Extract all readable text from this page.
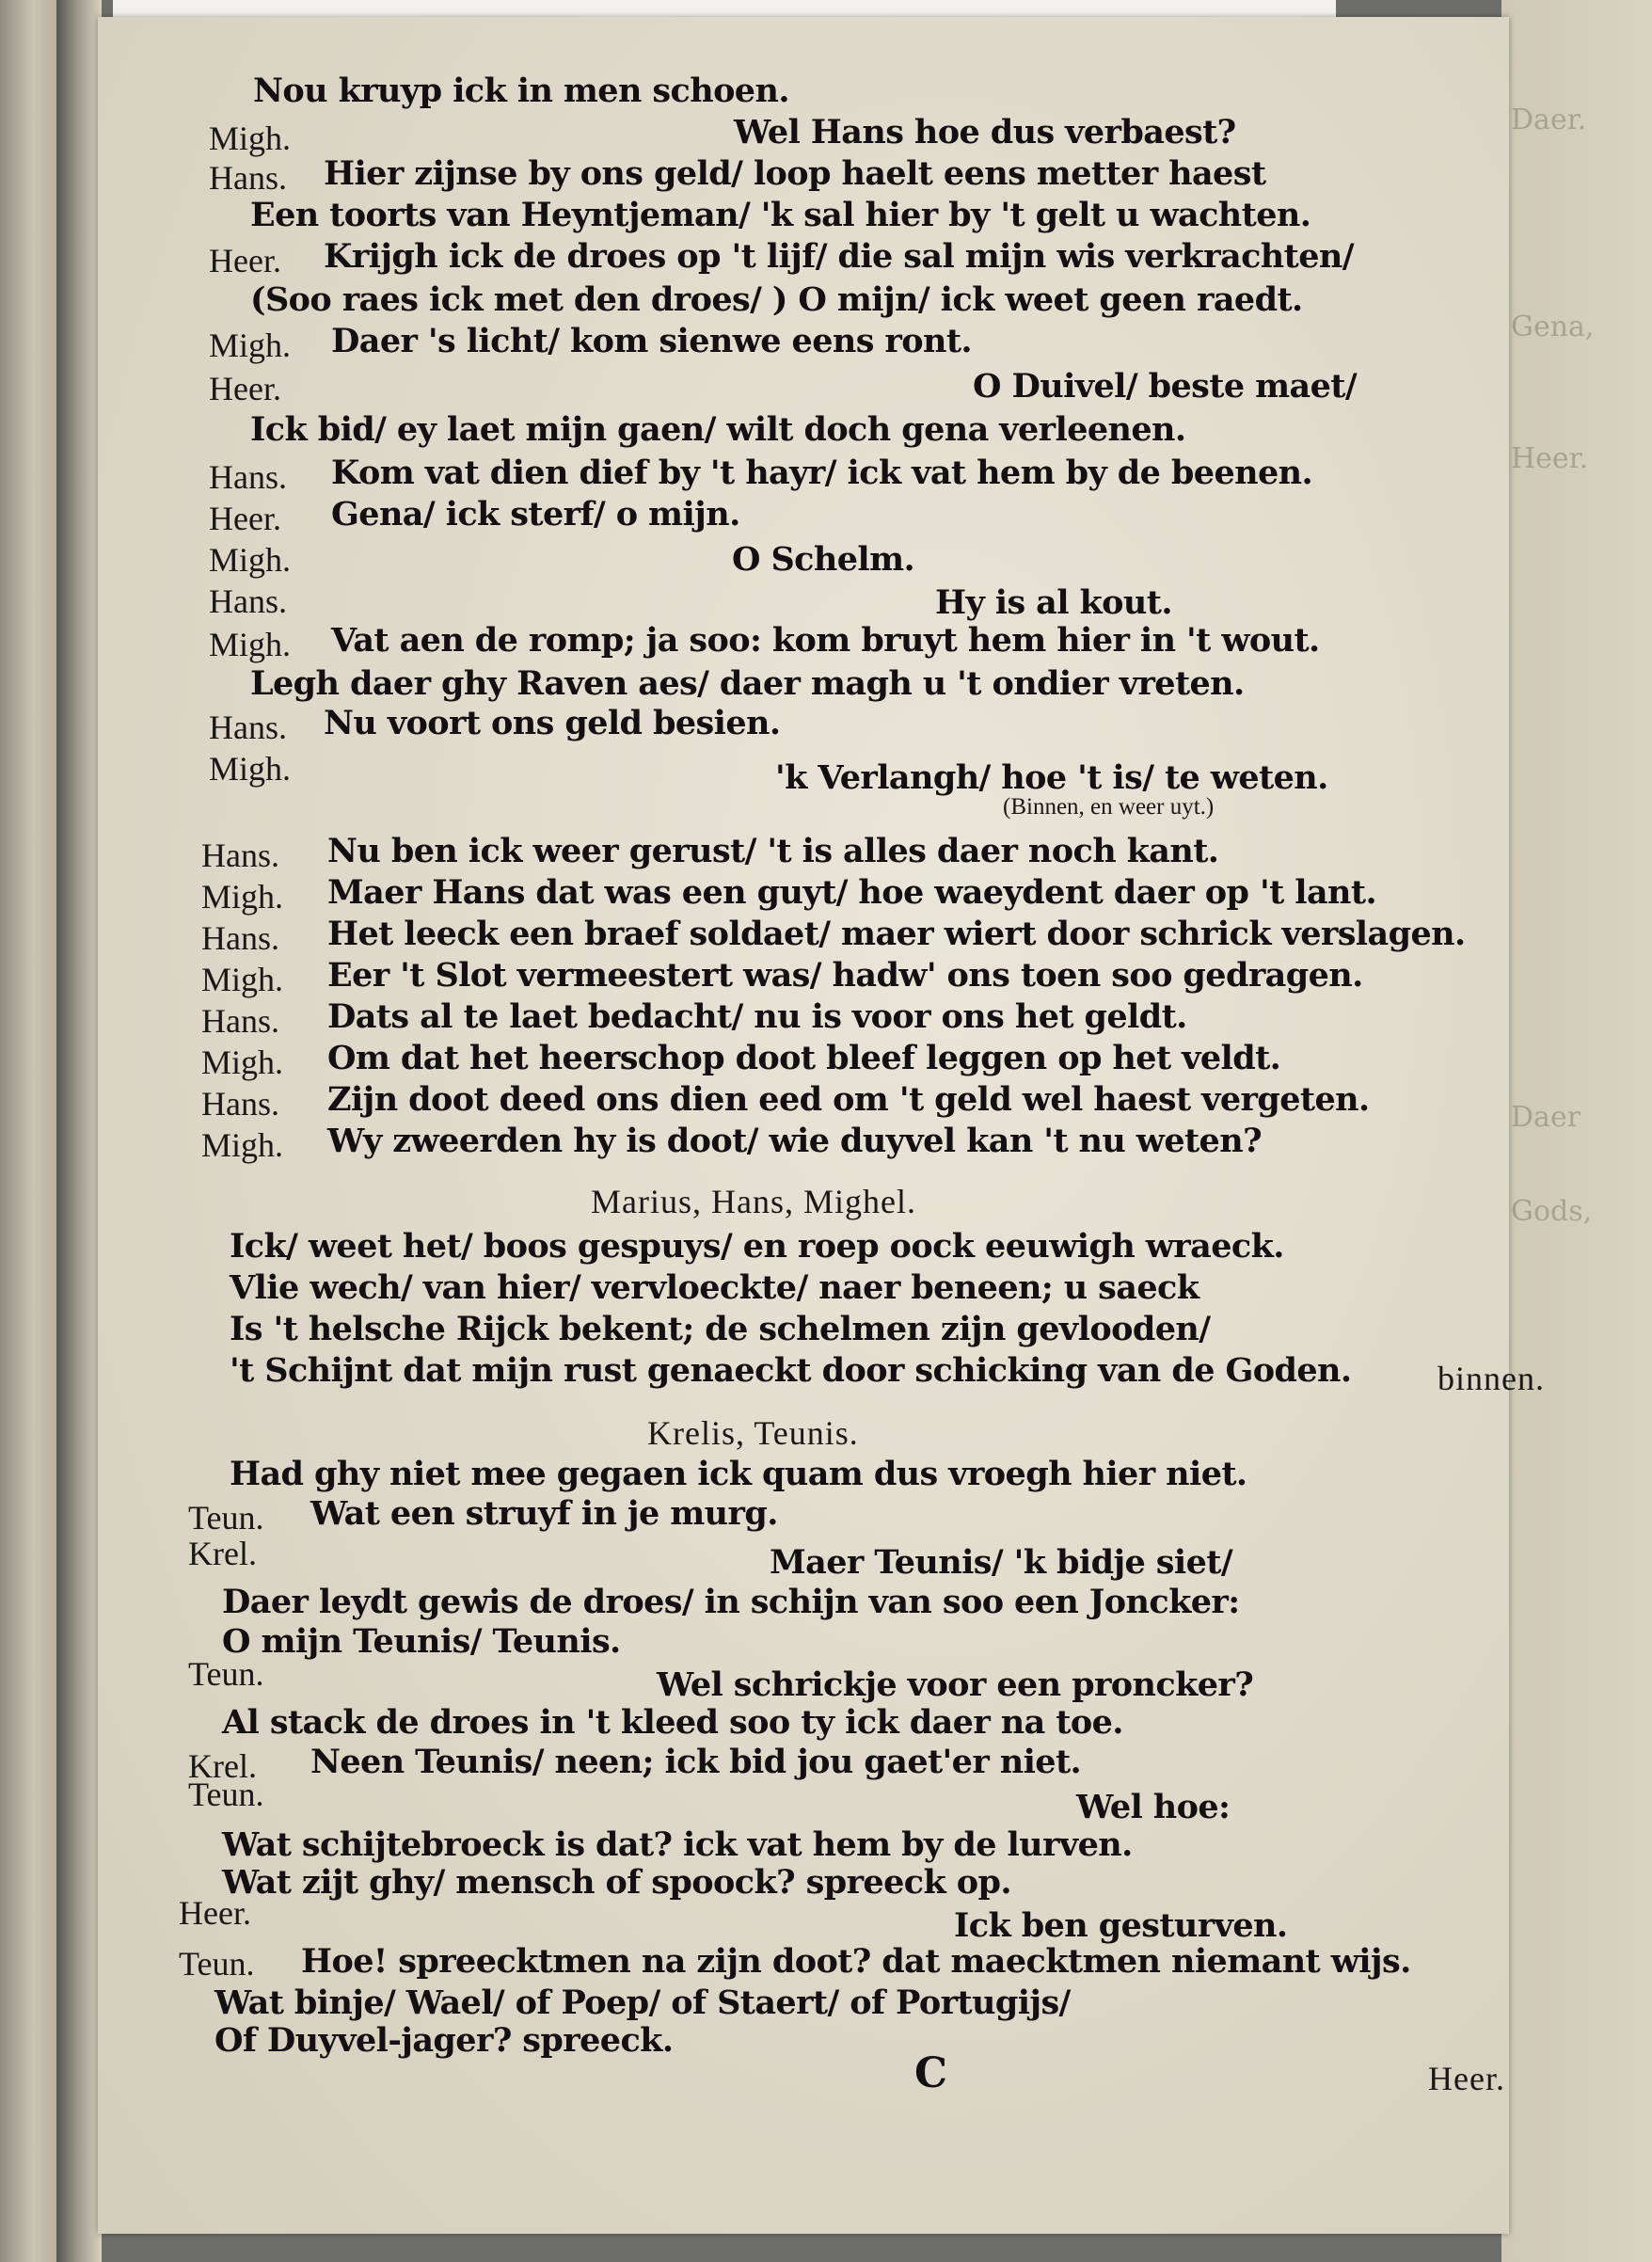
Daer.
Gena,
Heer.
Daer
Gods,
Nou kruyp ick in men schoen.
Migh.	Wel Hans hoe dus verbaest?
Hans. Hier zijnse by ons geld/ loop haelt eens metter haest
Een toorts van Heyntjeman/ 'k sal hier by 't gelt u wachten.
Heer. Krijgh ick de droes op 't lijf/ die sal mijn wis verkrachten/
(Soo raes ick met den droes/ ) O mijn/ ick weet geen raedt.
Migh. Daer 's licht/ kom sienwe eens ront.
Heer.	O Duivel/ beste maet/
Ick bid/ ey laet mijn gaen/ wilt doch gena verleenen.
Hans. Kom vat dien dief by 't hayr/ ick vat hem by de beenen.
Heer. Gena/ ick sterf/ o mijn.
Migh.	O Schelm.
Hans.	Hy is al kout.
Migh. Vat aen de romp; ja soo: kom bruyt hem hier in 't wout.
Legh daer ghy Raven aes/ daer magh u 't ondier vreten.
Hans. Nu voort ons geld besien.
Migh.	'k Verlangh/ hoe 't is/ te weten.
(Binnen, en weer uyt.)
Hans. Nu ben ick weer gerust/ 't is alles daer noch kant.
Migh. Maer Hans dat was een guyt/ hoe waeydent daer op 't lant.
Hans. Het leeck een braef soldaet/ maer wiert door schrick verslagen.
Migh. Eer 't Slot vermeestert was/ hadw' ons toen soo gedragen.
Hans. Dats al te laet bedacht/ nu is voor ons het geldt.
Migh. Om dat het heerschop doot bleef leggen op het veldt.
Hans. Zijn doot deed ons dien eed om 't geld wel haest vergeten.
Migh. Wy zweerden hy is doot/ wie duyvel kan 't nu weten?
Marius, Hans, Mighel.
Ick/ weet het/ boos gespuys/ en roep oock eeuwigh wraeck.
Vlie wech/ van hier/ vervloeckte/ naer beneen; u saeck
Is 't helsche Rijck bekent; de schelmen zijn gevlooden/
't Schijnt dat mijn rust genaeckt door schicking van de Goden.	binnen.
Krelis, Teunis.
Had ghy niet mee gegaen ick quam dus vroegh hier niet.
Teun. Wat een struyf in je murg.
Krel.	Maer Teunis/ 'k bidje siet/
Daer leydt gewis de droes/ in schijn van soo een Joncker:
O mijn Teunis/ Teunis.
Teun.	Wel schrickje voor een proncker?
Al stack de droes in 't kleed soo ty ick daer na toe.
Krel. Neen Teunis/ neen; ick bid jou gaet'er niet.
Teun.	Wel hoe:
Wat schijtebroeck is dat? ick vat hem by de lurven.
Wat zijt ghy/ mensch of spoock? spreeck op.
Heer.	Ick ben gesturven.
Teun. Hoe! spreecktmen na zijn doot? dat maecktmen niemant wijs.
Wat binje/ Wael/ of Poep/ of Staert/ of Portugijs/
Of Duyvel-jager? spreeck.
C	Heer.
